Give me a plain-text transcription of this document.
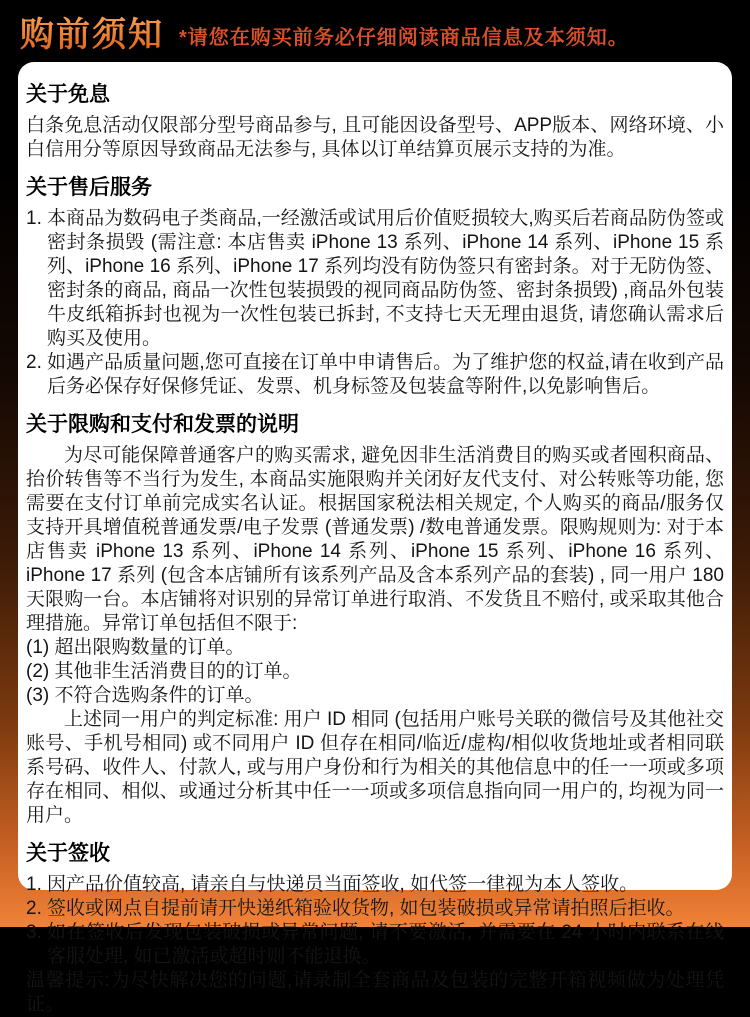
购前须知 *请您在购买前务必仔细阅读商品信息及本须知。
关于免息
白条免息活动仅限部分型号商品参与, 且可能因设备型号、APP版本、网络环境、小白信用分等原因导致商品无法参与, 具体以订单结算页展示支持的为准。
关于售后服务
1. 本商品为数码电子类商品,一经激活或试用后价值贬损较大,购买后若商品防伪签或密封条损毁 (需注意: 本店售卖 iPhone 13 系列、iPhone 14 系列、iPhone 15 系列、iPhone 16 系列、iPhone 17 系列均没有防伪签只有密封条。对于无防伪签、密封条的商品, 商品一次性包装损毁的视同商品防伪签、密封条损毁) ,商品外包装牛皮纸箱拆封也视为一次性包装已拆封, 不支持七天无理由退货, 请您确认需求后购买及使用。
2. 如遇产品质量问题,您可直接在订单中申请售后。为了维护您的权益,请在收到产品后务必保存好保修凭证、发票、机身标签及包装盒等附件,以免影响售后。
关于限购和支付和发票的说明
为尽可能保障普通客户的购买需求, 避免因非生活消费目的购买或者囤积商品、抬价转售等不当行为发生, 本商品实施限购并关闭好友代支付、对公转账等功能, 您需要在支付订单前完成实名认证。根据国家税法相关规定, 个人购买的商品/服务仅支持开具增值税普通发票/电子发票 (普通发票) /数电普通发票。限购规则为: 对于本店售卖 iPhone 13 系列、iPhone 14 系列、iPhone 15 系列、iPhone 16 系列、iPhone 17 系列 (包含本店铺所有该系列产品及含本系列产品的套装) , 同一用户 180 天限购一台。本店铺将对识别的异常订单进行取消、不发货且不赔付, 或采取其他合理措施。异常订单包括但不限于:
(1) 超出限购数量的订单。
(2) 其他非生活消费目的的订单。
(3) 不符合选购条件的订单。
上述同一用户的判定标准: 用户 ID 相同 (包括用户账号关联的微信号及其他社交账号、手机号相同) 或不同用户 ID 但存在相同/临近/虚构/相似收货地址或者相同联系号码、收件人、付款人, 或与用户身份和行为相关的其他信息中的任一一项或多项存在相同、相似、或通过分析其中任一一项或多项信息指向同一用户的, 均视为同一用户。
关于签收
1. 因产品价值较高, 请亲自与快递员当面签收, 如代签一律视为本人签收。
2. 签收或网点自提前请开快递纸箱验收货物, 如包装破损或异常请拍照后拒收。
3. 如在签收后发现包装破损或异常问题, 请不要激活, 并需要在 24 小时内联系在线客服处理, 如已激活或超时则不能退换。
温馨提示:为尽快解决您的问题,请录制全套商品及包装的完整开箱视频做为处理凭证。
